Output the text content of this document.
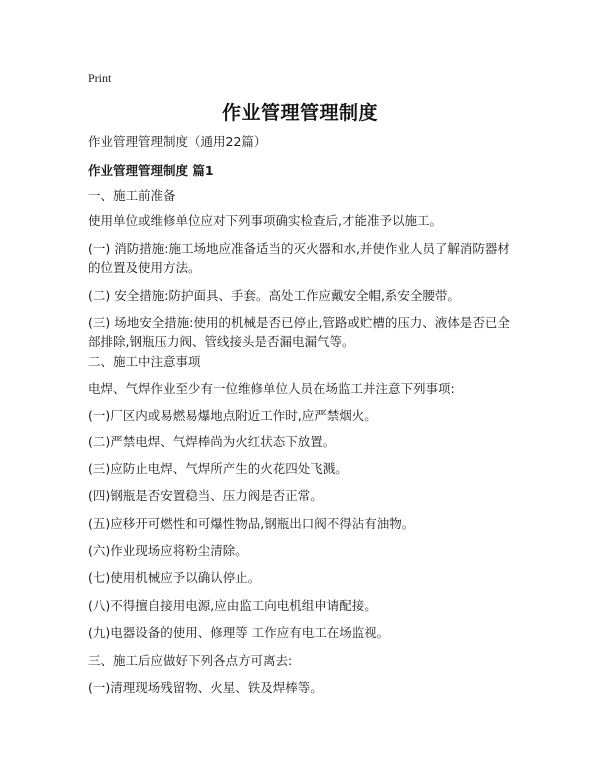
Print
作业管理管理制度
作业管理管理制度（通用22篇）
作业管理管理制度 篇1
一、施工前准备
使用单位或维修单位应对下列事项确实检查后,才能准予以施工。
(一) 消防措施:施工场地应准备适当的灭火器和水,并使作业人员了解消防器材的位置及使用方法。
(二) 安全措施:防护面具、手套。高处工作应戴安全帽,系安全腰带。
(三) 场地安全措施:使用的机械是否已停止,管路或贮槽的压力、液体是否已全部排除,钢瓶压力阀、管线接头是否漏电漏气等。
二、施工中注意事项
电焊、气焊作业至少有一位维修单位人员在场监工并注意下列事项:
(一)厂区内或易燃易爆地点附近工作时,应严禁烟火。
(二)严禁电焊、气焊棒尚为火红状态下放置。
(三)应防止电焊、气焊所产生的火花四处飞溅。
(四)钢瓶是否安置稳当、压力阀是否正常。
(五)应移开可燃性和可爆性物品,钢瓶出口阀不得沾有油物。
(六)作业现场应将粉尘清除。
(七)使用机械应予以确认停止。
(八)不得擅自接用电源,应由监工向电机组申请配接。
(九)电器设备的使用、修理等 工作应有电工在场监视。
三、施工后应做好下列各点方可离去:
(一)清理现场残留物、火星、铁及焊棒等。
